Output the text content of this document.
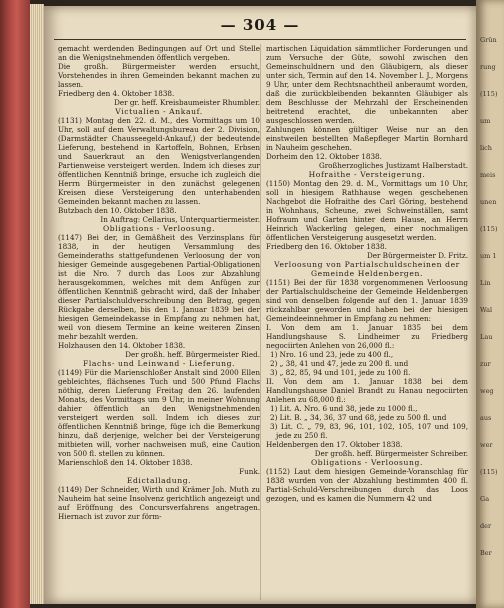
— 304 —

gemacht werdenden Bedingungen auf Ort und Stelle an die Wenigstnehmenden öffentlich vergeben.

Die großh. Bürgermeister werden ersucht, Vorstehendes in ihren Gemeinden bekannt machen zu lassen.

Friedberg den 4. Oktober 1838.

Der gr. heff. Kreisbaumeister Rhumbler.

Victualien - Ankauf.

(1131) Montag den 22. d. M., des Vormittags um 10 Uhr, soll auf dem Verwaltungsbureau der 2. Division, (Darmstädter Chausseegeld-Ankauf,) der bedeutende Lieferung, bestehend in Kartoffeln, Bohnen, Erbsen und Sauerkraut an den Wenigstverlangenden Partienweise versteigert werden. Indem ich dieses zur öffentlichen Kenntniß bringe, ersuche ich zugleich die Herrn Bürgermeister in den zunächst gelegenen Kreisen diese Versteigerung den unterhabenden Gemeinden bekannt machen zu lassen.

Butzbach den 10. Oktober 1838.

In Auftrag: Cellarius, Unterquartiermeister.

Obligations - Verloosung.

(1147) Bei der, in Gemäßheit des Verzinsplans für 1838, in der heutigen Versammlung des Gemeinderaths stattgefundenen Verloosung der von hiesiger Gemeinde ausgegebenen Partial-Obligationen ist die Nro. 7 durch das Loos zur Abzahlung herausgekommen, welches mit dem Anfügen zur öffentlichen Kenntniß gebracht wird, daß der Inhaber dieser Partialschuldverschreibung den Betrag, gegen Rückgabe derselben, bis den 1. Januar 1839 bei der hiesigen Gemeindekasse in Empfang zu nehmen hat, weil von diesem Termine an keine weiteren Zinsen mehr bezahlt werden.

Holzhausen den 14. Oktober 1838.

Der großh. heff. Bürgermeister Ried.

Flachs- und Leinwand - Lieferung.

(1149) Für die Marienschloßer Anstalt sind 2000 Ellen gebleichtes, flächsenes Tuch und 500 Pfund Flachs nöthig, deren Lieferung Freitag den 26. laufenden Monats, des Vormittags um 9 Uhr, in meiner Wohnung dahier öffentlich an den Wenigstnehmenden versteigert werden soll. Indem ich dieses zur öffentlichen Kenntniß bringe, füge ich die Bemerkung hinzu, daß derjenige, welcher bei der Versteigerung mitbieten will, vorher nachweisen muß, eine Caution von 500 fl. stellen zu können.

Marienschloß den 14. Oktober 1838.

Funk.

Edictalladung.

(1149) Der Schneider, Wirth und Krämer Joh. Muth zu Nauheim hat seine Insolvenz gerichtlich angezeigt und auf Eröffnung des Concursverfahrens angetragen. Hiernach ist zuvor zur förm-

martischen Liquidation sämmtlicher Forderungen und zum Versuche der Güte, sowohl zwischen den Gemeinschuldnern und den Gläubigern, als dieser unter sich, Termin auf den 14. November l. J., Morgens 9 Uhr, unter dem Rechtsnachtheil anberaumt worden, daß die zurückbleibenden bekannten Gläubiger als dem Beschlusse der Mehrzahl der Erscheinenden beitretend erachtet, die unbekannten aber ausgeschlossen werden.

Zahlungen können gültiger Weise nur an den einstweilen bestellten Maßepfleger Martin Bornhard in Nauheim geschehen.

Dorheim den 12. Oktober 1838.

Großherzogliches Justizamt Halberstadt.

Hofraithe - Versteigerung.

(1150) Montag den 29. d. M., Vormittags um 10 Uhr, soll in hiesigem Rathhause wegen geschehenen Nachgebot die Hofraithe des Carl Göring, bestehend in Wohnhaus, Scheune, zwei Schweinställen, samt Hofraum und Garten hinter dem Hause, an Herrn Heinrich Wackerling gelegen, einer nochmaligen öffentlichen Versteigerung ausgesetzt werden.

Friedberg den 16. Oktober 1838.

Der Bürgermeister D. Fritz.

Verloosung von Partialschuldscheinen der Gemeinde Heldenbergen.

(1151) Bei der für 1838 vorgenommenen Verloosung der Partialschuldscheine der Gemeinde Heldenbergen sind von denselben folgende auf den 1. Januar 1839 rückzahlbar geworden und haben bei der hiesigen Gemeindeeinnehmer in Empfang zu nehmen:

I. Von dem am 1. Januar 1835 bei dem Handlungshause S. Lindheimer zu Friedberg negociirten Anlehen von 26,000 fl.:

1) Nro. 16 und 23, jede zu 400 fl.,

2) „ 38, 41 und 47, jede zu 200 fl. und

3) „ 82, 85, 94 und 101, jede zu 100 fl.

II. Von dem am 1. Januar 1838 bei dem Handlungshause Daniel Brandt zu Hanau negociirten Anlehen zu 68,000 fl.:

1) Lit. A. Nro. 6 und 38, jede zu 1000 fl.,

2) Lit. B. „ 34, 36, 37 und 68, jede zu 500 fl. und

3) Lit. C. „ 79, 83, 96, 101, 102, 105, 107 und 109, jede zu 250 fl.

Heldenbergen den 17. Oktober 1838.

Der großh. heff. Bürgermeister Schreiber.

Obligations - Verloosung.

(1152) Laut dem hiesigen Gemeinde-Voranschlag für 1838 wurden von der Abzahlung bestimmten 400 fl. Partial-Schuld-Verschreibungen durch das Loos gezogen, und es kamen die Nummern 42 und

Grün
rung
(115)
um
lich
meis
unen
(115)
um 1
Lin
Wal
Lau
zur
weg
aus
wer
(115)
Ga
der
Ber
